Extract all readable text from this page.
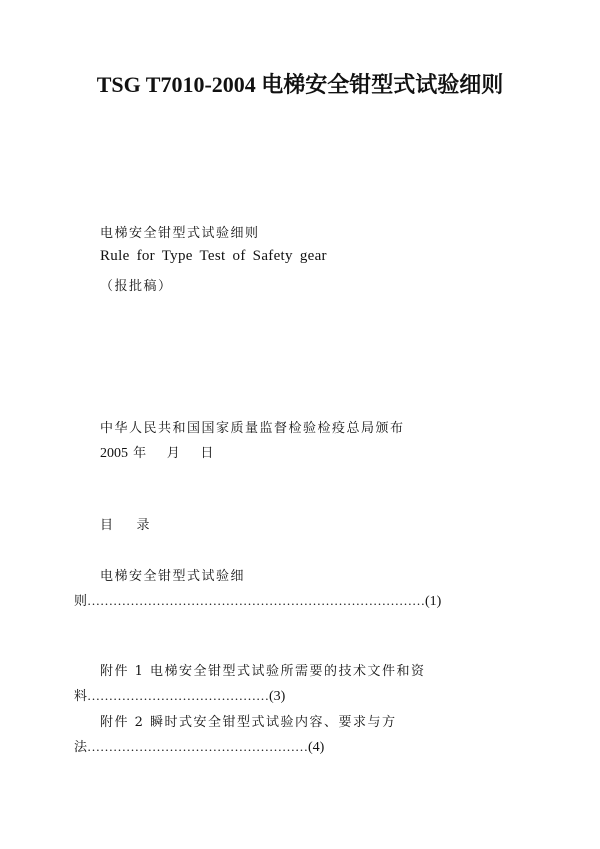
TSG T7010-2004 电梯安全钳型式试验细则
电梯安全钳型式试验细则
Rule for Type Test of Safety gear
（报批稿）
中华人民共和国国家质量监督检验检疫总局颁布
2005 年 月 日
目 录
电梯安全钳型式试验细
则……………………………………………………………………(1)
附件 1 电梯安全钳型式试验所需要的技术文件和资
料……………………………………(3)
附件 2 瞬时式安全钳型式试验内容、要求与方
法……………………………………………(4)
